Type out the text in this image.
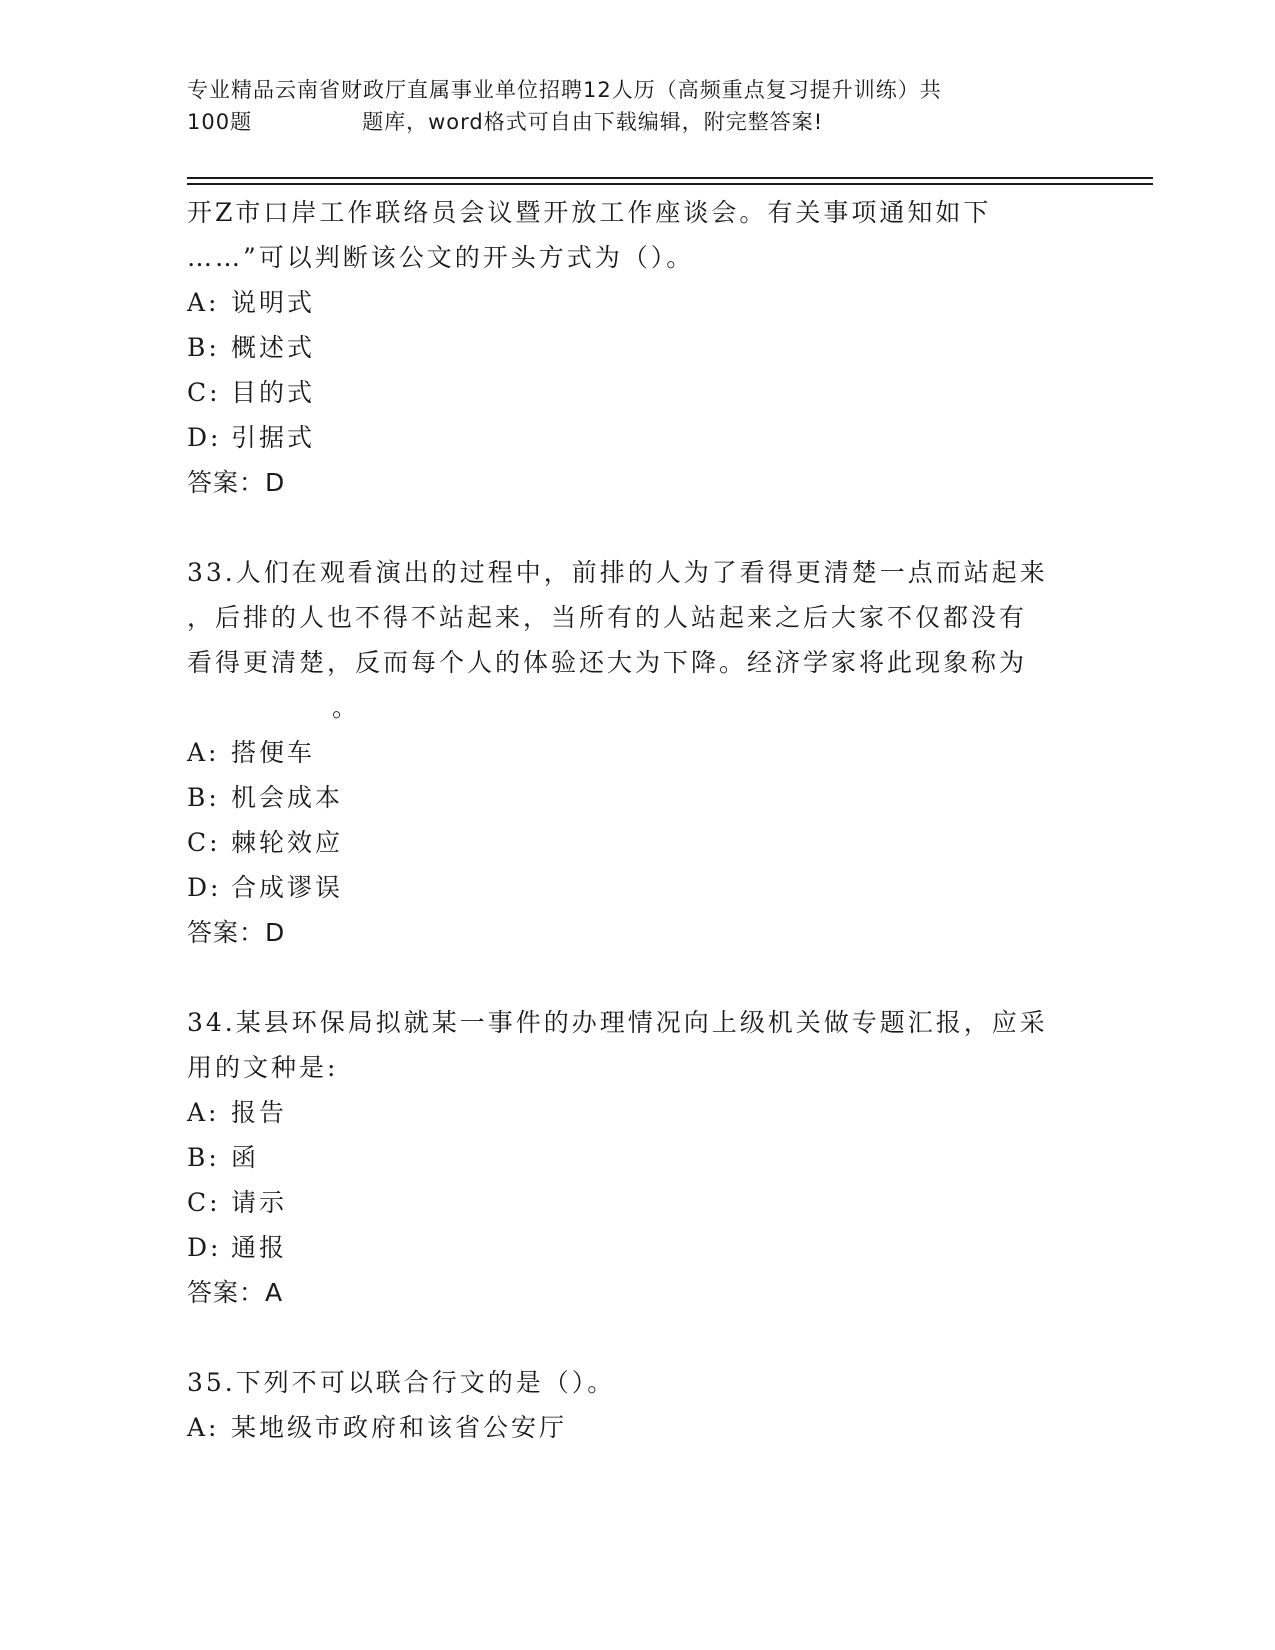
专业精品云南省财政厅直属事业单位招聘12人历（高频重点复习提升训练）共
100题	题库，word格式可自由下载编辑，附完整答案!
开Z市口岸工作联络员会议暨开放工作座谈会。有关事项通知如下
……”可以判断该公文的开头方式为（）。
A: 说明式
B: 概述式
C: 目的式
D: 引据式
答案：D
33.人们在观看演出的过程中，前排的人为了看得更清楚一点而站起来
，后排的人也不得不站起来，当所有的人站起来之后大家不仅都没有
看得更清楚，反而每个人的体验还大为下降。经济学家将此现象称为
。
A: 搭便车
B: 机会成本
C: 棘轮效应
D: 合成谬误
答案：D
34.某县环保局拟就某一事件的办理情况向上级机关做专题汇报，应采
用的文种是:
A: 报告
B: 函
C: 请示
D: 通报
答案：A
35.下列不可以联合行文的是（）。
A: 某地级市政府和该省公安厅
